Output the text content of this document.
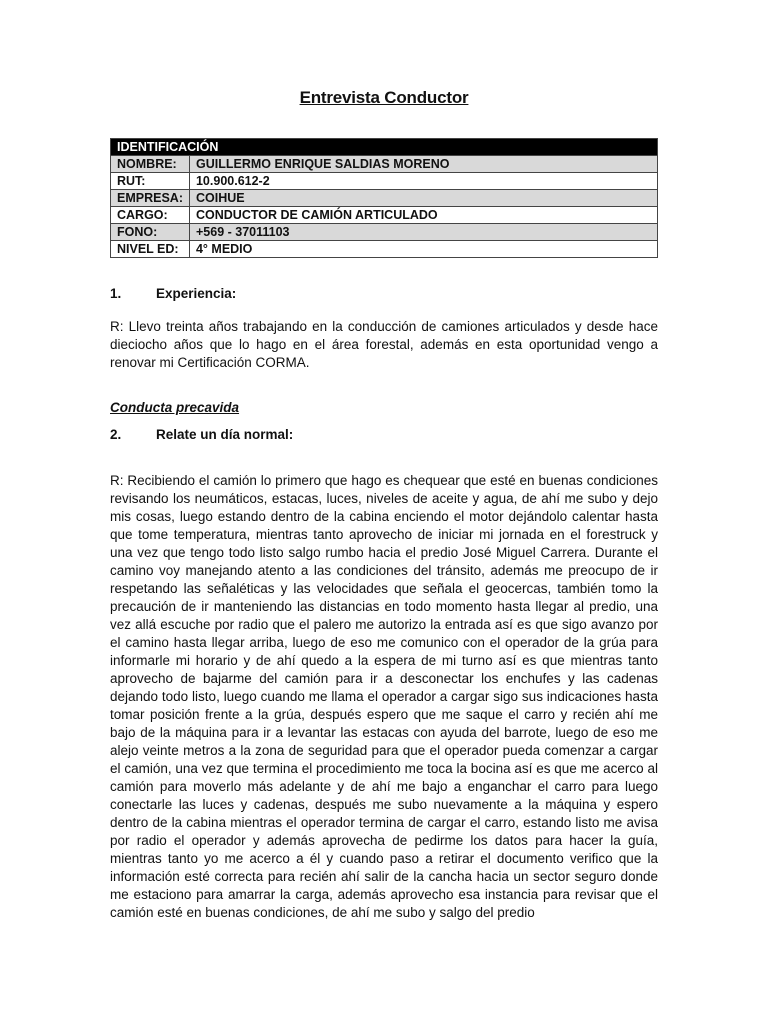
Entrevista Conductor
IDENTIFICACIÓN	
NOMBRE:	GUILLERMO ENRIQUE SALDIAS MORENO
RUT:	10.900.612-2
EMPRESA:	COIHUE
CARGO:	CONDUCTOR DE CAMIÓN ARTICULADO
FONO:	+569 - 37011103
NIVEL ED:	4° MEDIO
1.	Experiencia:
R: Llevo treinta años trabajando en la conducción de camiones articulados y desde hace dieciocho años que lo hago en el área forestal, además en esta oportunidad vengo a renovar mi Certificación CORMA.
Conducta precavida
2.	Relate un día normal:
R: Recibiendo el camión lo primero que hago es chequear que esté en buenas condiciones revisando los neumáticos, estacas, luces, niveles de aceite y agua, de ahí me subo y dejo mis cosas, luego estando dentro de la cabina enciendo el motor dejándolo calentar hasta que tome temperatura, mientras tanto aprovecho de iniciar mi jornada en el forestruck y una vez que tengo todo listo salgo rumbo hacia el predio José Miguel Carrera. Durante el camino voy manejando atento a las condiciones del tránsito, además me preocupo de ir respetando las señaléticas y las velocidades que señala el geocercas, también tomo la precaución de ir manteniendo las distancias en todo momento hasta llegar al predio, una vez allá escuche por radio que el palero me autorizo la entrada así es que sigo avanzo por el camino hasta llegar arriba, luego de eso me comunico con el operador de la grúa para informarle mi horario y de ahí quedo a la espera de mi turno así es que mientras tanto aprovecho de bajarme del camión para ir a desconectar los enchufes y las cadenas dejando todo listo, luego cuando me llama el operador a cargar sigo sus indicaciones hasta tomar posición frente a la grúa, después espero que me saque el carro y recién ahí me bajo de la máquina para ir a levantar las estacas con ayuda del barrote, luego de eso me alejo veinte metros a la zona de seguridad para que el operador pueda comenzar a cargar el camión, una vez que termina el procedimiento me toca la bocina así es que me acerco al camión para moverlo más adelante y de ahí me bajo a enganchar el carro para luego conectarle las luces y cadenas, después me subo nuevamente a la máquina y espero dentro de la cabina mientras el operador termina de cargar el carro, estando listo me avisa por radio el operador y además aprovecha de pedirme los datos para hacer la guía, mientras tanto yo me acerco a él y cuando paso a retirar el documento verifico que la información esté correcta para recién ahí salir de la cancha hacia un sector seguro donde me estaciono para amarrar la carga, además aprovecho esa instancia para revisar que el camión esté en buenas condiciones, de ahí me subo y salgo del predio
